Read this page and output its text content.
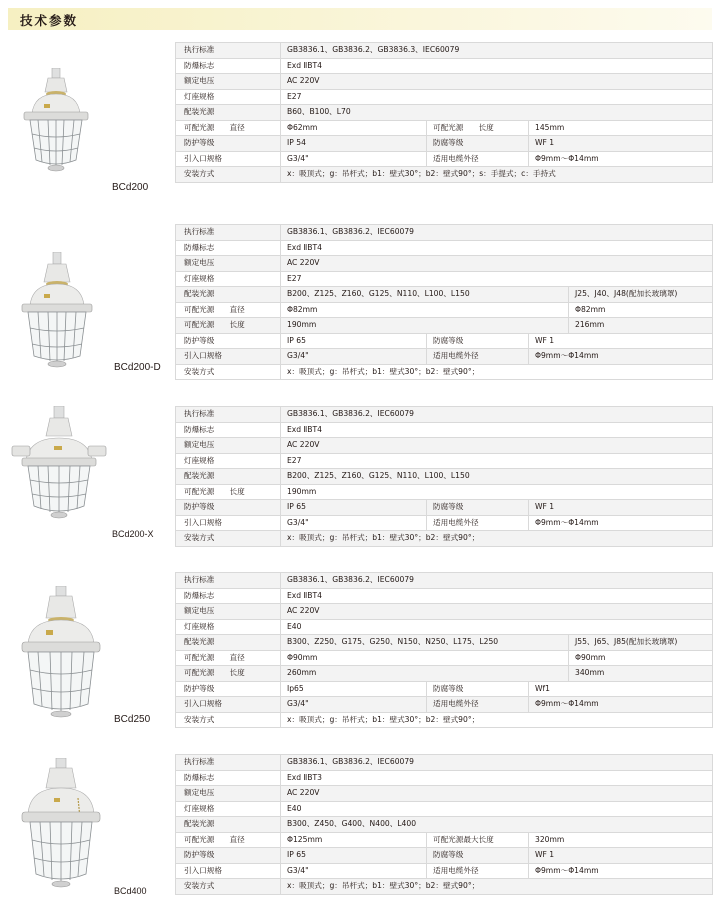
技术参数
BCd200
执行标准	GB3836.1、GB3836.2、GB3836.3、IEC60079		
防爆标志	Exd ⅡBT4		
额定电压	AC 220V		
灯座规格	E27		
配装光源	B60、B100、L70		
可配光源　　直径	Φ62mm	可配光源　　长度	145mm
防护等级	IP 54	防腐等级	WF 1
引入口规格	G3/4"	适用电缆外径	Φ9mm～Φ14mm
安装方式	x：吸顶式；g：吊杆式；b1：壁式30°；b2：壁式90°；s：手提式；c：手持式		
BCd200-D
执行标准	GB3836.1、GB3836.2、IEC60079			
防爆标志	Exd ⅡBT4			
额定电压	AC 220V			
灯座规格	E27			
配装光源	B200、Z125、Z160、G125、N110、L100、L150			J25、J40、J48(配加长玻璃罩)
可配光源　　直径	Φ82mm			Φ82mm
可配光源　　长度	190mm			216mm
防护等级	IP 65	防腐等级	WF 1	
引入口规格	G3/4"	适用电缆外径	Φ9mm～Φ14mm	
安装方式	x：吸顶式；g：吊杆式；b1：壁式30°；b2：壁式90°；			
BCd200-X
执行标准	GB3836.1、GB3836.2、IEC60079		
防爆标志	Exd ⅡBT4		
额定电压	AC 220V		
灯座规格	E27		
配装光源	B200、Z125、Z160、G125、N110、L100、L150		
可配光源　　长度	190mm		
防护等级	IP 65	防腐等级	WF 1
引入口规格	G3/4"	适用电缆外径	Φ9mm～Φ14mm
安装方式	x：吸顶式；g：吊杆式；b1：壁式30°；b2：壁式90°；		
BCd250
执行标准	GB3836.1、GB3836.2、IEC60079			
防爆标志	Exd ⅡBT4			
额定电压	AC 220V			
灯座规格	E40			
配装光源	B300、Z250、G175、G250、N150、N250、L175、L250			J55、J65、J85(配加长玻璃罩)
可配光源　　直径	Φ90mm			Φ90mm
可配光源　　长度	260mm			340mm
防护等级	Ip65	防腐等级	Wf1	
引入口规格	G3/4"	适用电缆外径	Φ9mm～Φ14mm	
安装方式	x：吸顶式；g：吊杆式；b1：壁式30°；b2：壁式90°；			
BCd400
执行标准	GB3836.1、GB3836.2、IEC60079		
防爆标志	Exd ⅡBT3		
额定电压	AC 220V		
灯座规格	E40		
配装光源	B300、Z450、G400、N400、L400		
可配光源　　直径	Φ125mm	可配光源最大长度	320mm
防护等级	IP 65	防腐等级	WF 1
引入口规格	G3/4"	适用电缆外径	Φ9mm～Φ14mm
安装方式	x：吸顶式；g：吊杆式；b1：壁式30°；b2：壁式90°；		
